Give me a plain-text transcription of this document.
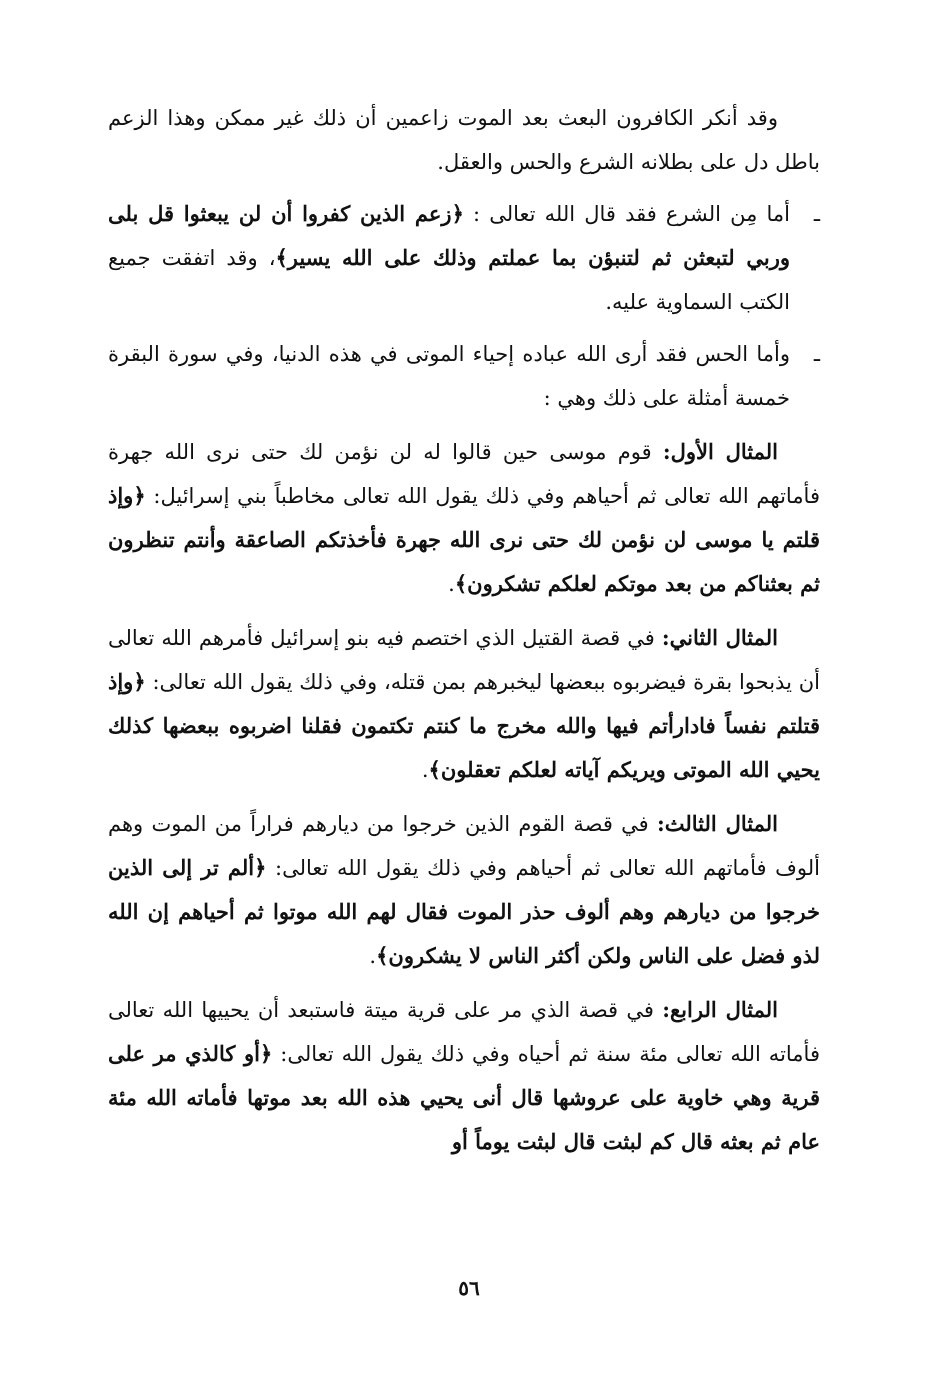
وقد أنكر الكافرون البعث بعد الموت زاعمين أن ذلك غير ممكن وهذا الزعم باطل دل على بطلانه الشرع والحس والعقل.

ـ
أما مِن الشرع فقد قال الله تعالى : ﴿زعم الذين كفروا أن لن يبعثوا قل بلى وربي لتبعثن ثم لتنبؤن بما عملتم وذلك على الله يسير﴾، وقد اتفقت جميع الكتب السماوية عليه.

ـ
وأما الحس فقد أرى الله عباده إحياء الموتى في هذه الدنيا، وفي سورة البقرة خمسة أمثلة على ذلك وهي :

المثال الأول: قوم موسى حين قالوا له لن نؤمن لك حتى نرى الله جهرة فأماتهم الله تعالى ثم أحياهم وفي ذلك يقول الله تعالى مخاطباً بني إسرائيل: ﴿وإذ قلتم يا موسى لن نؤمن لك حتى نرى الله جهرة فأخذتكم الصاعقة وأنتم تنظرون ثم بعثناكم من بعد موتكم لعلكم تشكرون﴾.

المثال الثاني: في قصة القتيل الذي اختصم فيه بنو إسرائيل فأمرهم الله تعالى أن يذبحوا بقرة فيضربوه ببعضها ليخبرهم بمن قتله، وفي ذلك يقول الله تعالى: ﴿وإذ قتلتم نفساً فادارأتم فيها والله مخرج ما كنتم تكتمون فقلنا اضربوه ببعضها كذلك يحيي الله الموتى ويريكم آياته لعلكم تعقلون﴾.

المثال الثالث: في قصة القوم الذين خرجوا من ديارهم فراراً من الموت وهم ألوف فأماتهم الله تعالى ثم أحياهم وفي ذلك يقول الله تعالى: ﴿ألم تر إلى الذين خرجوا من ديارهم وهم ألوف حذر الموت فقال لهم الله موتوا ثم أحياهم إن الله لذو فضل على الناس ولكن أكثر الناس لا يشكرون﴾.

المثال الرابع: في قصة الذي مر على قرية ميتة فاستبعد أن يحييها الله تعالى فأماته الله تعالى مئة سنة ثم أحياه وفي ذلك يقول الله تعالى: ﴿أو كالذي مر على قرية وهي خاوية على عروشها قال أنى يحيي هذه الله بعد موتها فأماته الله مئة عام ثم بعثه قال كم لبثت قال لبثت يوماً أو

٥٦
